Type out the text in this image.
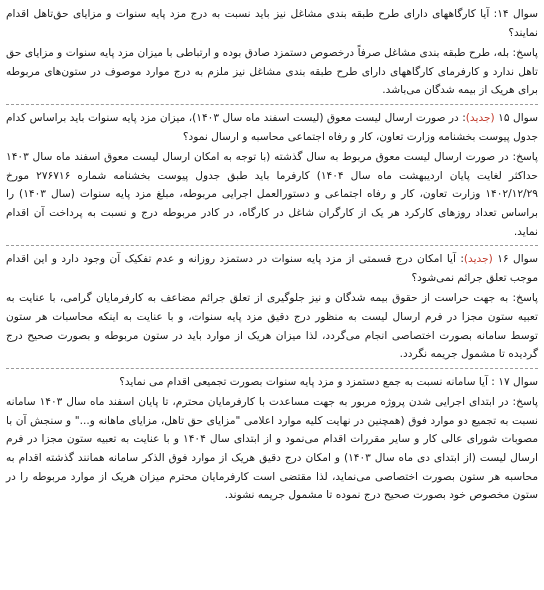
سوال ۱۴: آیا کارگاههای دارای طرح طبقه بندی مشاغل نیز باید نسبت به درج مزد پایه سنوات و مزایای حق‌تاهل اقدام نمایند؟

پاسخ: بله، طرح طبقه بندی مشاغل صرفاً درخصوص دستمزد صادق بوده و ارتباطی با میزان مزد پایه سنوات و مزایای حق تاهل ندارد و کارفرمای کارگاههای دارای طرح طبقه بندی مشاغل نیز ملزم به درج موارد موصوف در ستون‌های مربوطه برای هریک از بیمه شدگان می‌باشد.

سوال ۱۵ (جدید): در صورت ارسال لیست معوق (لیست اسفند ماه سال ۱۴۰۳)، میزان مزد پایه سنوات باید براساس کدام جدول پیوست بخشنامه وزارت تعاون، کار و رفاه اجتماعی محاسبه و ارسال نمود؟

پاسخ: در صورت ارسال لیست معوق مربوط به سال گذشته (با توجه به امکان ارسال لیست معوق اسفند ماه سال ۱۴۰۳ حداکثر لغایت پایان اردیبهشت ماه سال ۱۴۰۴) کارفرما باید طبق جدول پیوست بخشنامه شماره ۲۷۶۷۱۶ مورخ ۱۴۰۲/۱۲/۲۹ وزارت تعاون، کار و رفاه اجتماعی و دستورالعمل اجرایی مربوطه، مبلغ مزد پایه سنوات (سال ۱۴۰۳) را براساس تعداد روزهای کارکرد هر یک از کارگران شاغل در کارگاه، در کادر مربوطه درج و نسبت به پرداخت آن اقدام نماید.

سوال ۱۶ (جدید): آیا امکان درج قسمتی از مزد پایه سنوات در دستمزد روزانه و عدم تفکیک آن وجود دارد و این اقدام موجب تعلق جرائم نمی‌شود؟

پاسخ: به جهت حراست از حقوق بیمه شدگان و نیز جلوگیری از تعلق جرائم مضاعف به کارفرمایان گرامی، با عنایت به تعبیه ستون مجزا در فرم ارسال لیست به منظور درج دقیق مزد پایه سنوات، و با عنایت به اینکه محاسبات هر ستون توسط سامانه بصورت اختصاصی انجام می‌گردد، لذا میزان هریک از موارد باید در ستون مربوطه و بصورت صحیح درج گردیده تا مشمول جریمه نگردد.

سوال ۱۷ : آیا سامانه نسبت به جمع دستمزد و مزد پایه سنوات بصورت تجمیعی اقدام می نماید؟

پاسخ: در ابتدای اجرایی شدن پروژه مربور به جهت مساعدت با کارفرمایان محترم، تا پایان اسفند ماه سال ۱۴۰۳ سامانه نسبت به تجمیع دو موارد فوق (همچنین در نهایت کلیه موارد اعلامی "مزایای حق تاهل، مزایای ماهانه و..." و سنجش آن با مصوبات شورای عالی کار و سایر مقررات اقدام می‌نمود و از ابتدای سال ۱۴۰۴ و با عنایت به تعبیه ستون مجزا در فرم ارسال لیست (از ابتدای دی ماه سال ۱۴۰۳) و امکان درج دقیق هریک از موارد فوق الذکر سامانه همانند گذشته اقدام به محاسبه هر ستون بصورت اختصاصی می‌نماید، لذا مقتضی است کارفرمایان محترم میزان هریک از موارد مربوطه را در ستون مخصوص خود بصورت صحیح درج نموده تا مشمول جریمه نشوند.
